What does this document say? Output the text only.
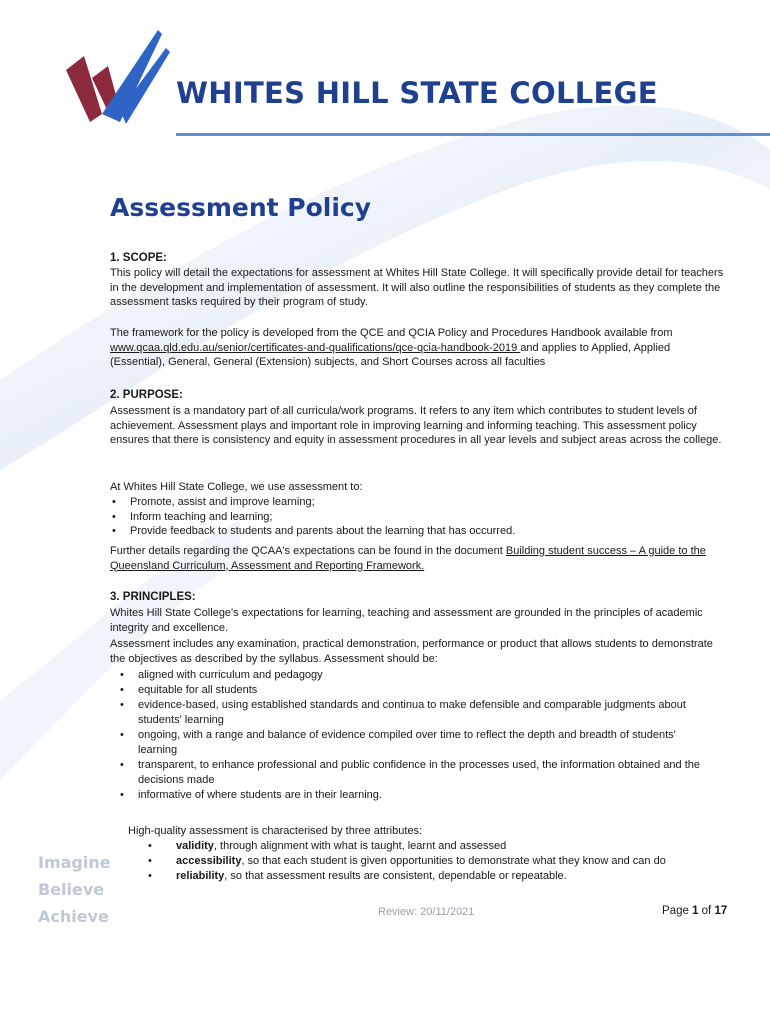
WHITES HILL STATE COLLEGE
Assessment Policy
1. SCOPE:

This policy will detail the expectations for assessment at Whites Hill State College. It will specifically provide detail for teachers in the development and implementation of assessment. It will also outline the responsibilities of students as they complete the assessment tasks required by their program of study.

The framework for the policy is developed from the QCE and QCIA Policy and Procedures Handbook available from www.qcaa.qld.edu.au/senior/certificates-and-qualifications/qce-qcia-handbook-2019 and applies to Applied, Applied (Essential), General, General (Extension) subjects, and Short Courses across all faculties

2. PURPOSE:

Assessment is a mandatory part of all curricula/work programs. It refers to any item which contributes to student levels of achievement. Assessment plays and important role in improving learning and informing teaching. This assessment policy ensures that there is consistency and equity in assessment procedures in all year levels and subject areas across the college.

At Whites Hill State College, we use assessment to:

• Promote, assist and improve learning;
• Inform teaching and learning;
• Provide feedback to students and parents about the learning that has occurred.

Further details regarding the QCAA's expectations can be found in the document Building student success – A guide to the Queensland Curriculum, Assessment and Reporting Framework.

3. PRINCIPLES:

Whites Hill State College's expectations for learning, teaching and assessment are grounded in the principles of academic integrity and excellence.

Assessment includes any examination, practical demonstration, performance or product that allows students to demonstrate the objectives as described by the syllabus. Assessment should be:

• aligned with curriculum and pedagogy
• equitable for all students
• evidence-based, using established standards and continua to make defensible and comparable judgments about students' learning
• ongoing, with a range and balance of evidence compiled over time to reflect the depth and breadth of students' learning
• transparent, to enhance professional and public confidence in the processes used, the information obtained and the decisions made
• informative of where students are in their learning.

High-quality assessment is characterised by three attributes:

• validity, through alignment with what is taught, learnt and assessed
• accessibility, so that each student is given opportunities to demonstrate what they know and can do
• reliability, so that assessment results are consistent, dependable or repeatable.
Imagine
Believe
Achieve	Review: 20/11/2021	Page 1 of 17
